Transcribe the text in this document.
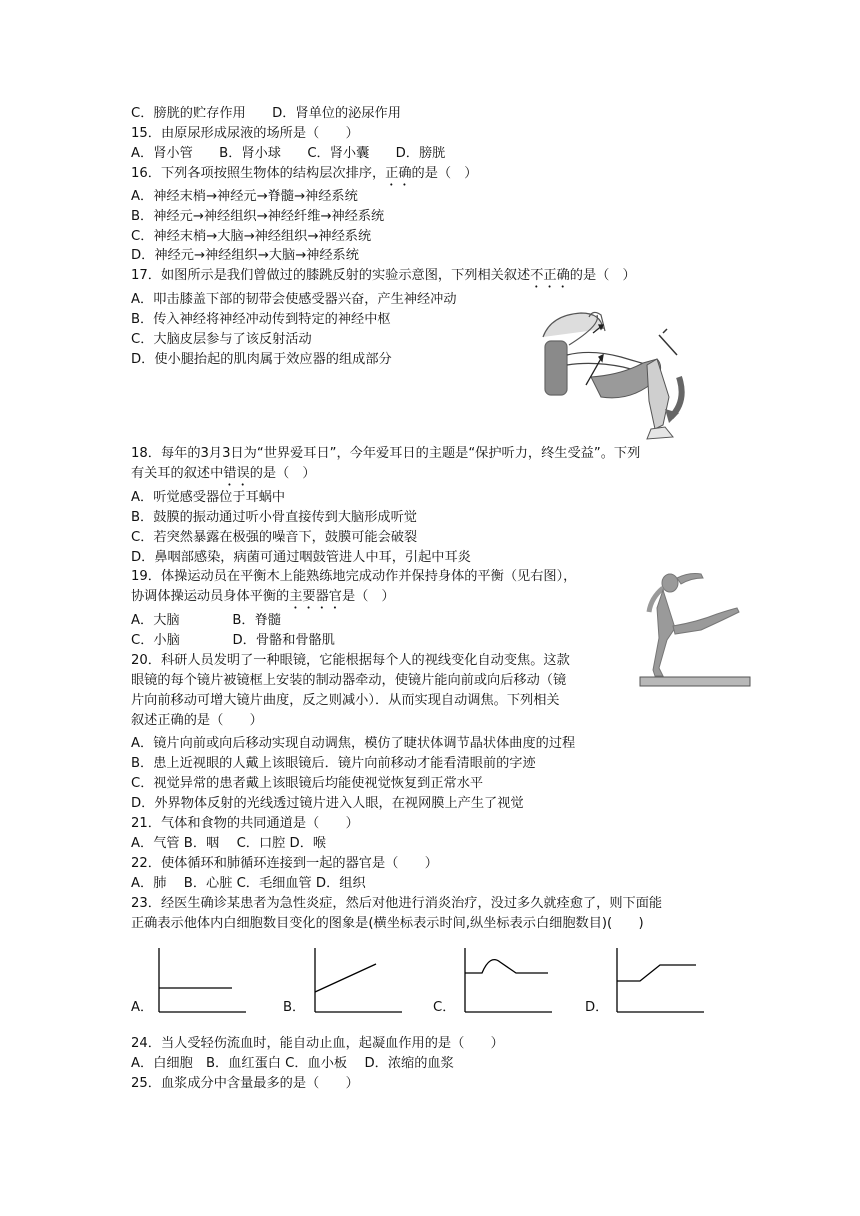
C．膀胱的贮存作用　　D．肾单位的泌尿作用
15．由原尿形成尿液的场所是（　　）
A．肾小管　　B．肾小球　　C．肾小囊　　D．膀胱
16．下列各项按照生物体的结构层次排序，正确的是（　）
A．神经末梢→神经元→脊髓→神经系统
B．神经元→神经组织→神经纤维→神经系统
C．神经末梢→大脑→神经组织→神经系统
D．神经元→神经组织→大脑→神经系统
17．如图所示是我们曾做过的膝跳反射的实验示意图，下列相关叙述不正确的是（　）
A．叩击膝盖下部的韧带会使感受器兴奋，产生神经冲动
B．传入神经将神经冲动传到特定的神经中枢
C．大脑皮层参与了该反射活动
D．使小腿抬起的肌肉属于效应器的组成部分
18．每年的3月3日为“世界爱耳日”，今年爱耳日的主题是“保护听力，终生受益”。下列
有关耳的叙述中错误的是（　）
A．听觉感受器位于耳蜗中
B．鼓膜的振动通过听小骨直接传到大脑形成听觉
C．若突然暴露在极强的噪音下，鼓膜可能会破裂
D．鼻咽部感染，病菌可通过咽鼓管进人中耳，引起中耳炎
19．体操运动员在平衡木上能熟练地完成动作并保持身体的平衡（见右图），
协调体操运动员身体平衡的主要器官是（　）
A．大脑　　　　B．脊髓
C．小脑　　　　D．骨骼和骨骼肌
20．科研人员发明了一种眼镜，它能根据每个人的视线变化自动变焦。这款
眼镜的每个镜片被镜框上安装的制动器牵动，使镜片能向前或向后移动（镜
片向前移动可增大镜片曲度，反之则减小）．从而实现自动调焦。下列相关
叙述正确的是（　　）
A．镜片向前或向后移动实现自动调焦，模仿了睫状体调节晶状体曲度的过程
B．患上近视眼的人戴上该眼镜后．镜片向前移动才能看清眼前的字迹
C．视觉异常的患者戴上该眼镜后均能使视觉恢复到正常水平
D．外界物体反射的光线透过镜片进入人眼，在视网膜上产生了视觉
21．气体和食物的共同通道是（　　）
A．气管 B．咽　 C．口腔 D．喉
22．使体循环和肺循环连接到一起的器官是（　　）
A．肺　 B．心脏 C．毛细血管 D．组织
23．经医生确诊某患者为急性炎症，然后对他进行消炎治疗，没过多久就痊愈了，则下面能
正确表示他体内白细胞数目变化的图象是(横坐标表示时间,纵坐标表示白细胞数目)(　　)
24．当人受轻伤流血时，能自动止血，起凝血作用的是（　　）
A．白细胞　B．血红蛋白 C．血小板　 D．浓缩的血浆
25．血浆成分中含量最多的是（　　）
A．	B．	C．	D．
